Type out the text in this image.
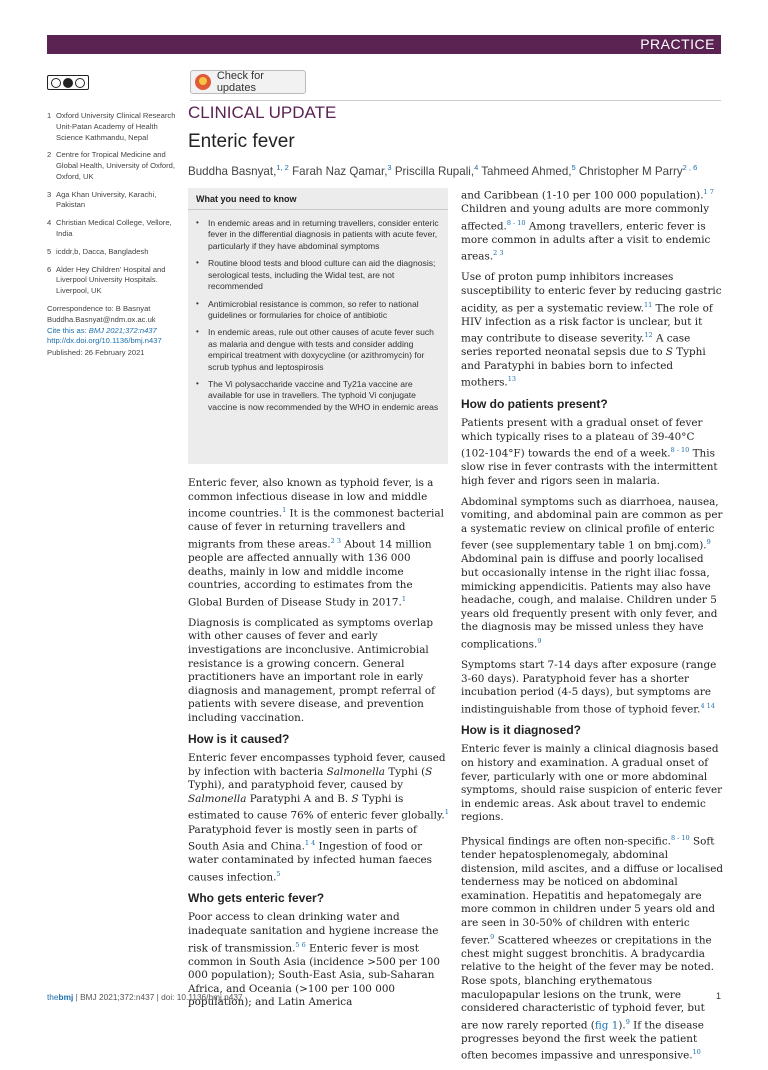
PRACTICE
Check for updates
1 Oxford University Clinical Research Unit-Patan Academy of Health Science Kathmandu, Nepal
2 Centre for Tropical Medicine and Global Health, University of Oxford, Oxford, UK
3 Aga Khan University, Karachi, Pakistan
4 Christian Medical College, Vellore, India
5 icddr,b, Dacca, Bangladesh
6 Alder Hey Children' Hospital and Liverpool University Hospitals. Liverpool, UK
Correspondence to: B Basnyat
Buddha.Basnyat@ndm.ox.ac.uk
Cite this as: BMJ 2021;372:n437
http://dx.doi.org/10.1136/bmj.n437
Published: 26 February 2021
CLINICAL UPDATE
Enteric fever
Buddha Basnyat,$^{1, 2}$ Farah Naz Qamar,$^3$ Priscilla Rupali,$^4$ Tahmeed Ahmed,$^5$ Christopher M Parry$^{2 , 6}$
What you need to know
•	In endemic areas and in returning travellers, consider enteric fever in the differential diagnosis in patients with acute fever, particularly if they have abdominal symptoms
•	Routine blood tests and blood culture can aid the diagnosis; serological tests, including the Widal test, are not recommended
•	Antimicrobial resistance is common, so refer to national guidelines or formularies for choice of antibiotic
•	In endemic areas, rule out other causes of acute fever such as malaria and dengue with tests and consider adding empirical treatment with doxycycline (or azithromycin) for scrub typhus and leptospirosis
•	The Vi polysaccharide vaccine and Ty21a vaccine are available for use in travellers. The typhoid Vi conjugate vaccine is now recommended by the WHO in endemic areas

Enteric fever, also known as typhoid fever, is a common infectious disease in low and middle income countries.$^1$ It is the commonest bacterial cause of fever in returning travellers and migrants from these areas.$^{2 3}$ About 14 million people are affected annually with 136 000 deaths, mainly in low and middle income countries, according to estimates from the Global Burden of Disease Study in 2017.$^1$

Diagnosis is complicated as symptoms overlap with other causes of fever and early investigations are inconclusive. Antimicrobial resistance is a growing concern. General practitioners have an important role in early diagnosis and management, prompt referral of patients with severe disease, and prevention including vaccination.

How is it caused?

Enteric fever encompasses typhoid fever, caused by infection with bacteria Salmonella Typhi (S Typhi), and paratyphoid fever, caused by Salmonella Paratyphi A and B. S Typhi is estimated to cause 76% of enteric fever globally.$^1$ Paratyphoid fever is mostly seen in parts of South Asia and China.$^{1 4}$ Ingestion of food or water contaminated by infected human faeces causes infection.$^5$

Who gets enteric fever?

Poor access to clean drinking water and inadequate sanitation and hygiene increase the risk of transmission.$^{5 6}$ Enteric fever is most common in South Asia (incidence >500 per 100 000 population); South-East Asia, sub-Saharan Africa, and Oceania (>100 per 100 000 population); and Latin America

and Caribbean (1-10 per 100 000 population).$^{1 7}$ Children and young adults are more commonly affected.$^{8 - 10}$ Among travellers, enteric fever is more common in adults after a visit to endemic areas.$^{2 3}$

Use of proton pump inhibitors increases susceptibility to enteric fever by reducing gastric acidity, as per a systematic review.$^{11}$ The role of HIV infection as a risk factor is unclear, but it may contribute to disease severity.$^{12}$ A case series reported neonatal sepsis due to S Typhi and Paratyphi in babies born to infected mothers.$^{13}$

How do patients present?

Patients present with a gradual onset of fever which typically rises to a plateau of 39-40°C (102-104°F) towards the end of a week.$^{8 - 10}$ This slow rise in fever contrasts with the intermittent high fever and rigors seen in malaria.

Abdominal symptoms such as diarrhoea, nausea, vomiting, and abdominal pain are common as per a systematic review on clinical profile of enteric fever (see supplementary table 1 on bmj.com).$^9$ Abdominal pain is diffuse and poorly localised but occasionally intense in the right iliac fossa, mimicking appendicitis. Patients may also have headache, cough, and malaise. Children under 5 years old frequently present with only fever, and the diagnosis may be missed unless they have complications.$^9$

Symptoms start 7-14 days after exposure (range 3-60 days). Paratyphoid fever has a shorter incubation period (4-5 days), but symptoms are indistinguishable from those of typhoid fever.$^{4 14}$

How is it diagnosed?

Enteric fever is mainly a clinical diagnosis based on history and examination. A gradual onset of fever, particularly with one or more abdominal symptoms, should raise suspicion of enteric fever in endemic areas. Ask about travel to endemic regions.

Physical findings are often non-specific.$^{8 - 10}$ Soft tender hepatosplenomegaly, abdominal distension, mild ascites, and a diffuse or localised tenderness may be noticed on abdominal examination. Hepatitis and hepatomegaly are more common in children under 5 years old and are seen in 30-50% of children with enteric fever.$^9$ Scattered wheezes or crepitations in the chest might suggest bronchitis. A bradycardia relative to the height of the fever may be noted. Rose spots, blanching erythematous maculopapular lesions on the trunk, were considered characteristic of typhoid fever, but are now rarely reported (fig 1).$^9$ If the disease progresses beyond the first week the patient often becomes impassive and unresponsive.$^{10}$

thebmj | BMJ 2021;372:n437 | doi: 10.1136/bmj.n437	1
